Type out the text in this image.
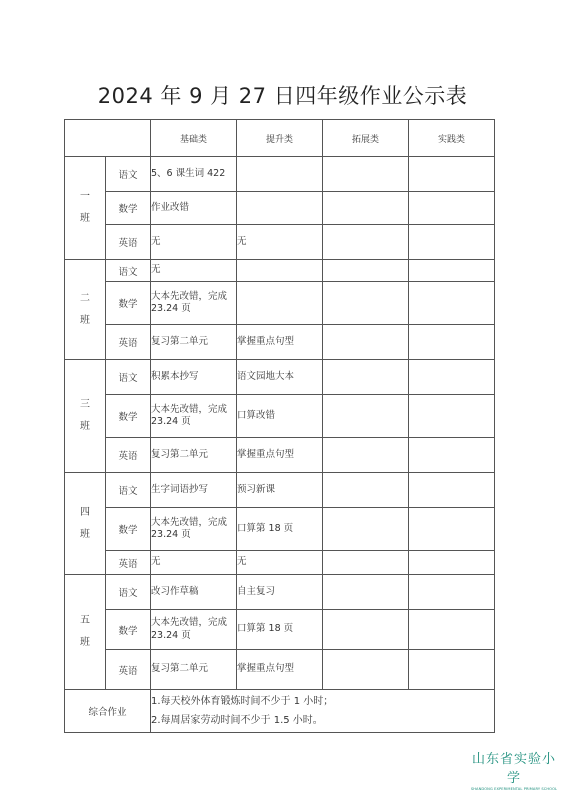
2024 年 9 月 27 日四年级作业公示表
		基础类	提升类	拓展类	实践类

一
班	语文	5、6 课生词 422			
	数学	作业改错			
	英语	无	无		

二
班	语文	无			
	数学	大本先改错，完成 23.24 页			
	英语	复习第二单元	掌握重点句型		

三
班	语文	积累本抄写	语文园地大本		
	数学	大本先改错，完成 23.24 页	口算改错		
	英语	复习第二单元	掌握重点句型		

四
班	语文	生字词语抄写	预习新课		
	数学	大本先改错，完成 23.24 页	口算第 18 页		
	英语	无	无		

五
班	语文	改习作草稿	自主复习		
	数学	大本先改错，完成 23.24 页	口算第 18 页		
	英语	复习第二单元	掌握重点句型		
综合作业		1.每天校外体育锻炼时间不少于 1 小时；
2.每周居家劳动时间不少于 1.5 小时。			
山东省实验小学
SHANDONG EXPERIMENTAL PRIMARY SCHOOL
